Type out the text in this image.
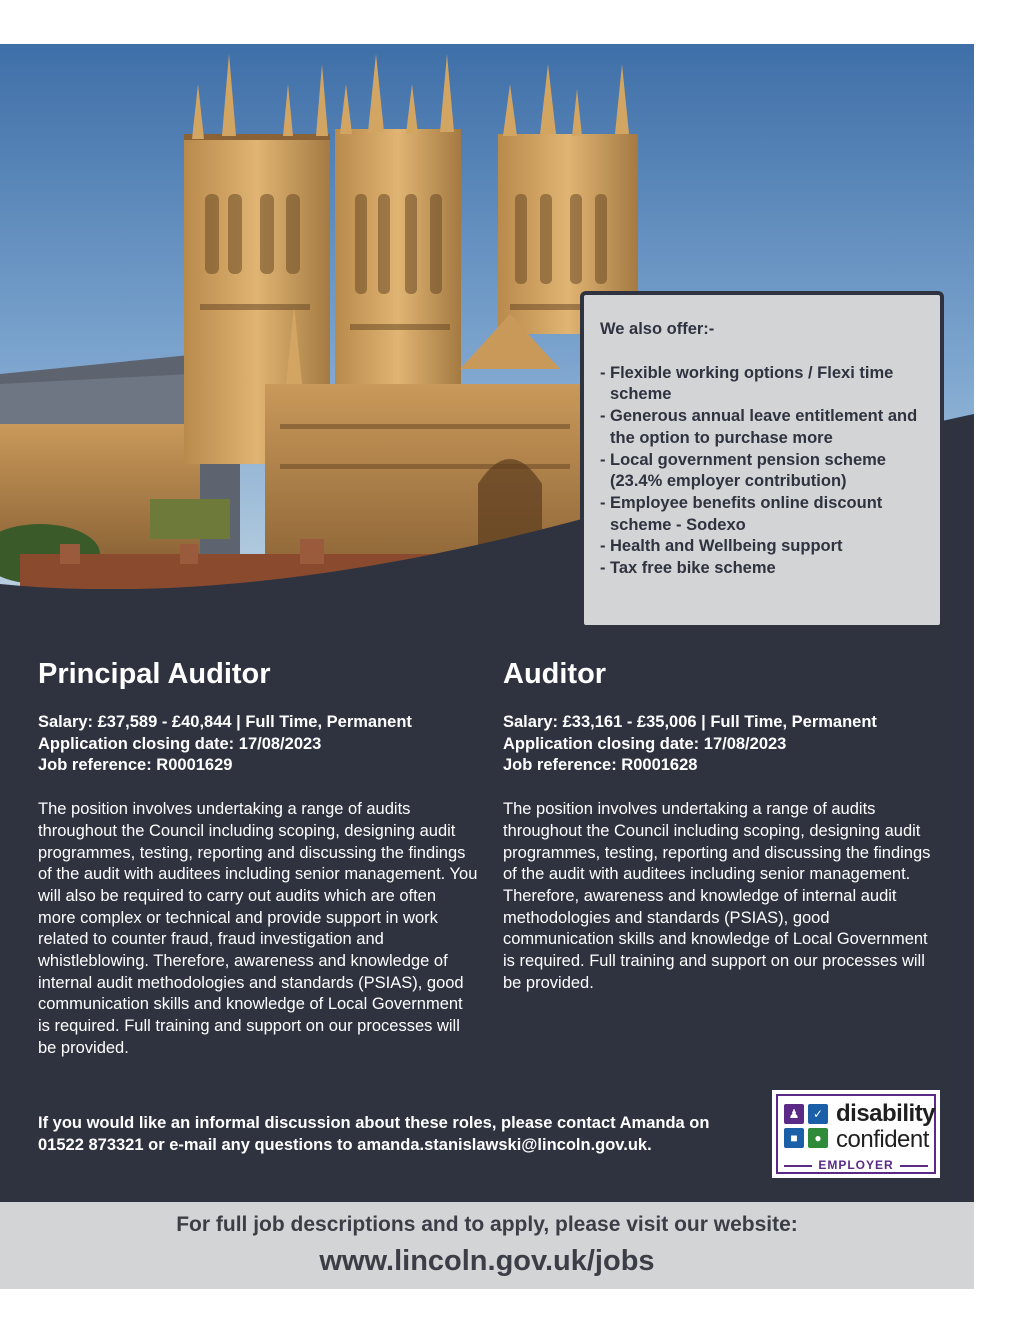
We also offer:-

- Flexible working options / Flexi time scheme
- Generous annual leave entitlement and the option to purchase more
- Local government pension scheme (23.4% employer contribution)
- Employee benefits online discount scheme - Sodexo
- Health and Wellbeing support
- Tax free bike scheme
Principal Auditor
Salary: £37,589 - £40,844 | Full Time, Permanent
Application closing date: 17/08/2023
Job reference: R0001629
The position involves undertaking a range of audits throughout the Council including scoping, designing audit programmes, testing, reporting and discussing the findings of the audit with auditees including senior management. You will also be required to carry out audits which are often more complex or technical and provide support in work related to counter fraud, fraud investigation and whistleblowing. Therefore, awareness and knowledge of internal audit methodologies and standards (PSIAS), good communication skills and knowledge of Local Government is required. Full training and support on our processes will be provided.
Auditor
Salary: £33,161 - £35,006 | Full Time, Permanent
Application closing date: 17/08/2023
Job reference: R0001628
The position involves undertaking a range of audits throughout the Council including scoping, designing audit programmes, testing, reporting and discussing the findings of the audit with auditees including senior management. Therefore, awareness and knowledge of internal audit methodologies and standards (PSIAS), good communication skills and knowledge of Local Government is required. Full training and support on our processes will be provided.
If you would like an informal discussion about these roles, please contact Amanda on 01522 873321 or e-mail any questions to amanda.stanislawski@lincoln.gov.uk.
♟	✓
■	●
disability
confident
EMPLOYER
For full job descriptions and to apply, please visit our website:
www.lincoln.gov.uk/jobs
